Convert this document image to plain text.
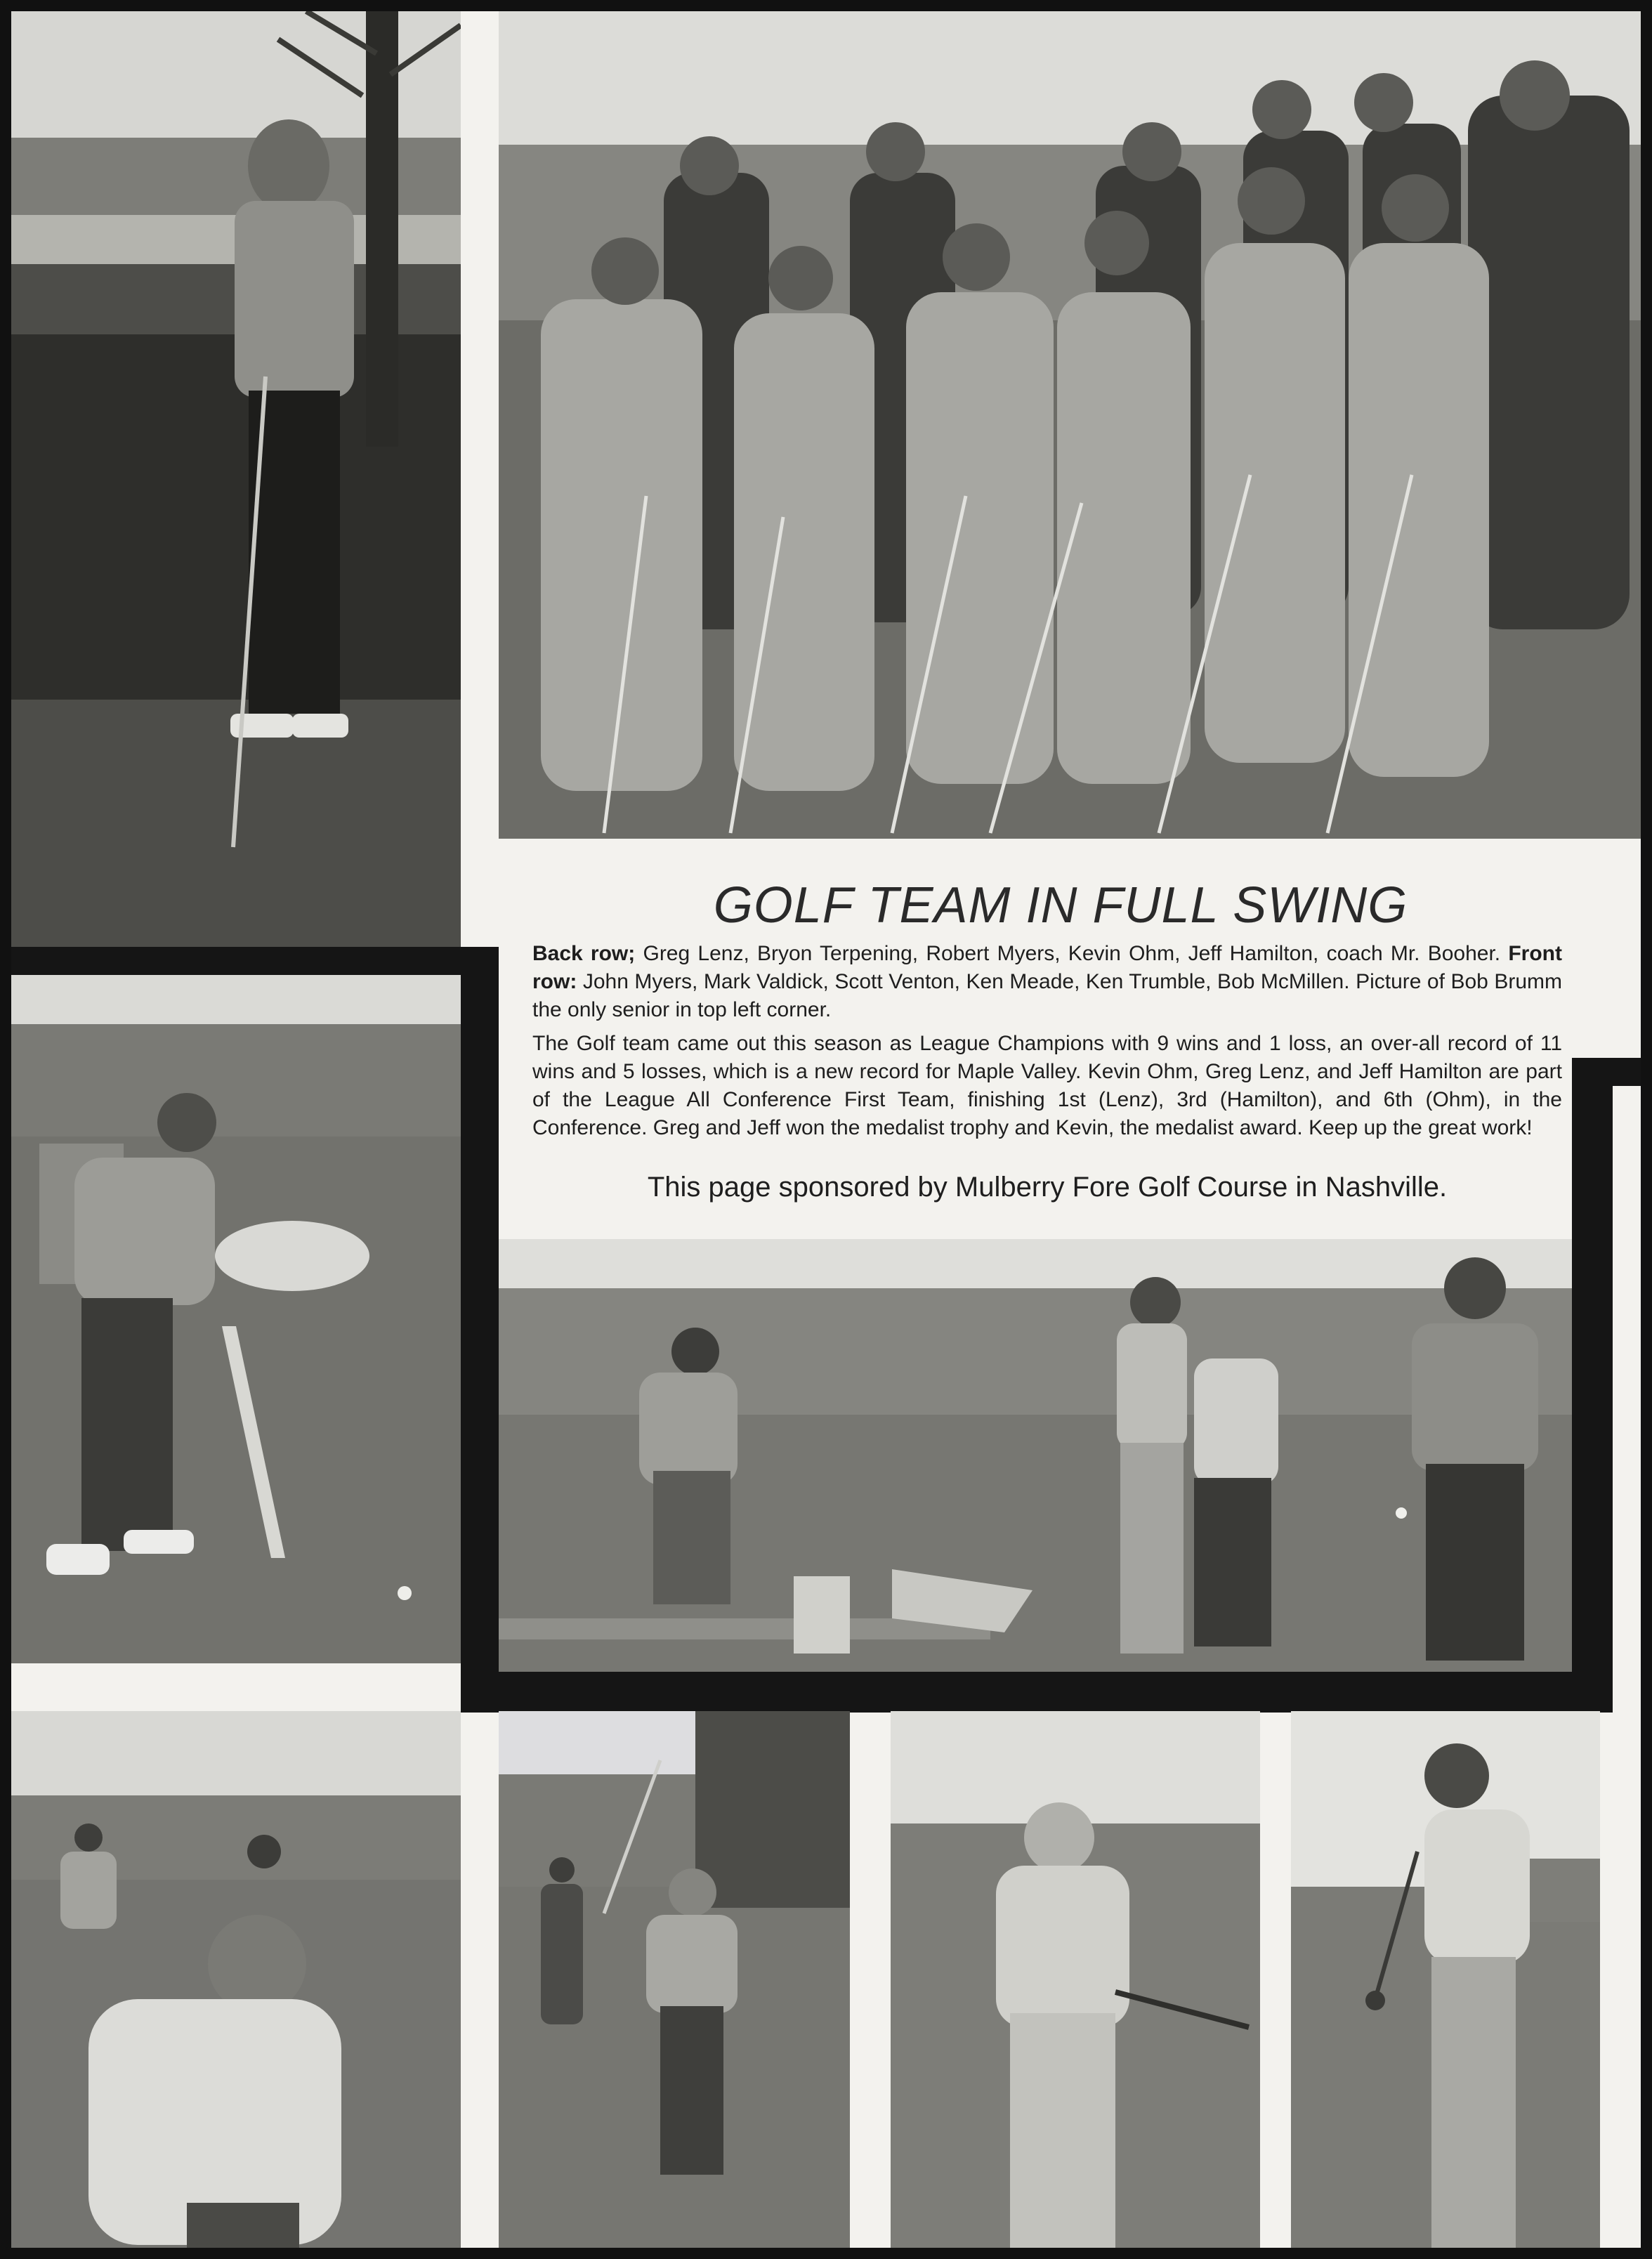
GOLF TEAM IN FULL SWING

Back row; Greg Lenz, Bryon Terpening, Robert Myers, Kevin Ohm, Jeff Hamilton, coach Mr. Booher. Front row: John Myers, Mark Valdick, Scott Venton, Ken Meade, Ken Trumble, Bob McMillen. Picture of Bob Brumm the only senior in top left corner.

The Golf team came out this season as League Champions with 9 wins and 1 loss, an over-all record of 11 wins and 5 losses, which is a new record for Maple Valley. Kevin Ohm, Greg Lenz, and Jeff Hamilton are part of the League All Conference First Team, finishing 1st (Lenz), 3rd (Hamilton), and 6th (Ohm), in the Conference. Greg and Jeff won the medalist trophy and Kevin, the medalist award. Keep up the great work!

This page sponsored by Mulberry Fore Golf Course in Nashville.
